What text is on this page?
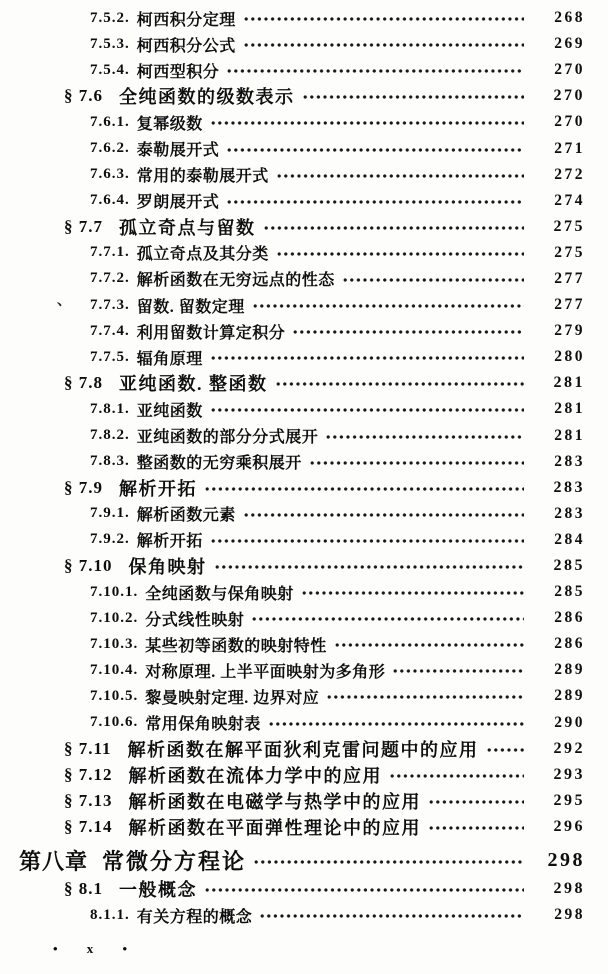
7.5.2. 柯西积分定理	268
7.5.3. 柯西积分公式	269
7.5.4. 柯西型积分	270
§ 7.6 全纯函数的级数表示	270
7.6.1. 复幂级数	270
7.6.2. 泰勒展开式	271
7.6.3. 常用的泰勒展开式	272
7.6.4. 罗朗展开式	274
§ 7.7 孤立奇点与留数	275
7.7.1. 孤立奇点及其分类	275
7.7.2. 解析函数在无穷远点的性态	277
7.7.3. 留数. 留数定理	277
7.7.4. 利用留数计算定积分	279
7.7.5. 辐角原理	280
§ 7.8 亚纯函数. 整函数	281
7.8.1. 亚纯函数	281
7.8.2. 亚纯函数的部分分式展开	281
7.8.3. 整函数的无穷乘积展开	283
§ 7.9 解析开拓	283
7.9.1. 解析函数元素	283
7.9.2. 解析开拓	284
§ 7.10 保角映射	285
7.10.1. 全纯函数与保角映射	285
7.10.2. 分式线性映射	286
7.10.3. 某些初等函数的映射特性	286
7.10.4. 对称原理. 上半平面映射为多角形	289
7.10.5. 黎曼映射定理. 边界对应	289
7.10.6. 常用保角映射表	290
§ 7.11 解析函数在解平面狄利克雷问题中的应用	292
§ 7.12 解析函数在流体力学中的应用	293
§ 7.13 解析函数在电磁学与热学中的应用	295
§ 7.14 解析函数在平面弹性理论中的应用	296
第八章 常微分方程论	298
§ 8.1 一般概念	298
8.1.1. 有关方程的概念	298
、
• x •
